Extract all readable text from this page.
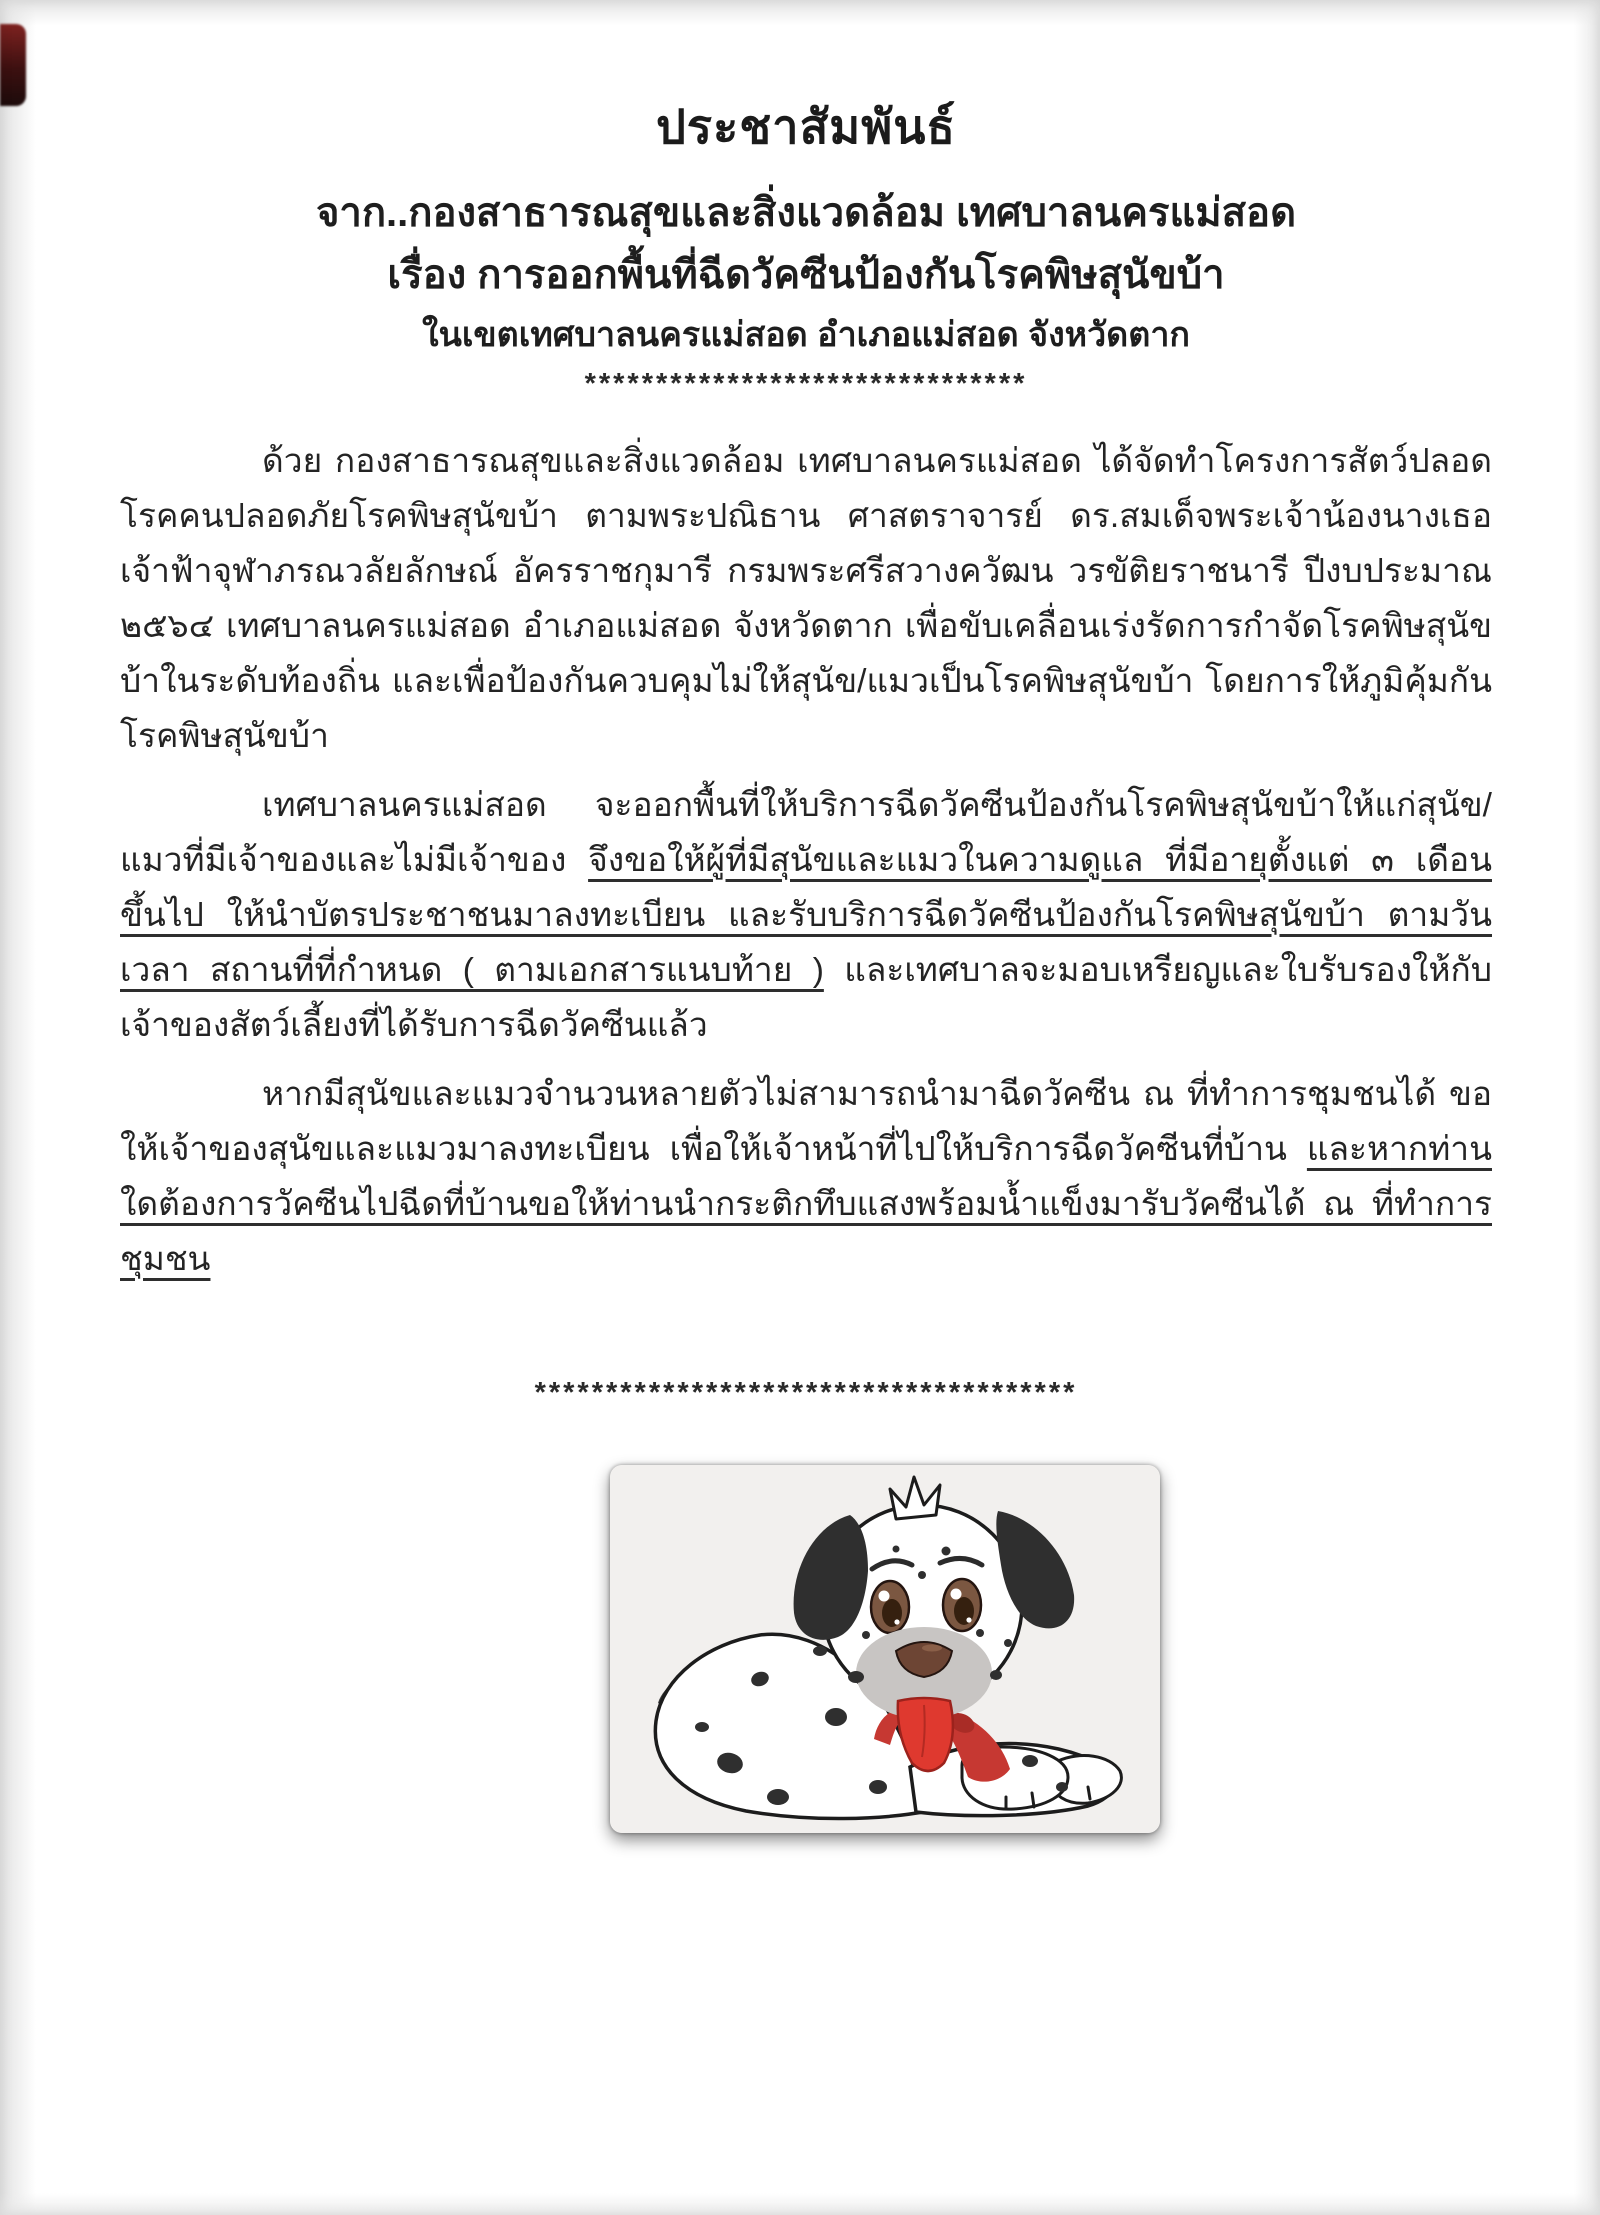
ประชาสัมพันธ์

จาก..กองสาธารณสุขและสิ่งแวดล้อม เทศบาลนครแม่สอด

เรื่อง การออกพื้นที่ฉีดวัคซีนป้องกันโรคพิษสุนัขบ้า

ในเขตเทศบาลนครแม่สอด อำเภอแม่สอด จังหวัดตาก

*******************************

ด้วย กองสาธารณสุขและสิ่งแวดล้อม เทศบาลนครแม่สอด ได้จัดทำโครงการสัตว์ปลอดโรคคนปลอดภัยโรคพิษสุนัขบ้า ตามพระปณิธาน ศาสตราจารย์ ดร.สมเด็จพระเจ้าน้องนางเธอ เจ้าฟ้าจุฬาภรณวลัยลักษณ์ อัครราชกุมารี กรมพระศรีสวางควัฒน วรขัติยราชนารี ปีงบประมาณ ๒๕๖๔ เทศบาลนครแม่สอด อำเภอแม่สอด จังหวัดตาก เพื่อขับเคลื่อนเร่งรัดการกำจัดโรคพิษสุนัขบ้าในระดับท้องถิ่น และเพื่อป้องกันควบคุมไม่ให้สุนัข/แมวเป็นโรคพิษสุนัขบ้า โดยการให้ภูมิคุ้มกันโรคพิษสุนัขบ้า

เทศบาลนครแม่สอด จะออกพื้นที่ให้บริการฉีดวัคซีนป้องกันโรคพิษสุนัขบ้าให้แก่สุนัข/แมวที่มีเจ้าของและไม่มีเจ้าของ จึงขอให้ผู้ที่มีสุนัขและแมวในความดูแล ที่มีอายุตั้งแต่ ๓ เดือน ขึ้นไป ให้นำบัตรประชาชนมาลงทะเบียน และรับบริการฉีดวัคซีนป้องกันโรคพิษสุนัขบ้า ตามวัน เวลา สถานที่ที่กำหนด ( ตามเอกสารแนบท้าย ) และเทศบาลจะมอบเหรียญและใบรับรองให้กับเจ้าของสัตว์เลี้ยงที่ได้รับการฉีดวัคซีนแล้ว

หากมีสุนัขและแมวจำนวนหลายตัวไม่สามารถนำมาฉีดวัคซีน ณ ที่ทำการชุมชนได้ ขอให้เจ้าของสุนัขและแมวมาลงทะเบียน เพื่อให้เจ้าหน้าที่ไปให้บริการฉีดวัคซีนที่บ้าน และหากท่านใดต้องการวัคซีนไปฉีดที่บ้านขอให้ท่านนำกระติกทึบแสงพร้อมน้ำแข็งมารับวัคซีนได้ ณ ที่ทำการชุมชน

**************************************
